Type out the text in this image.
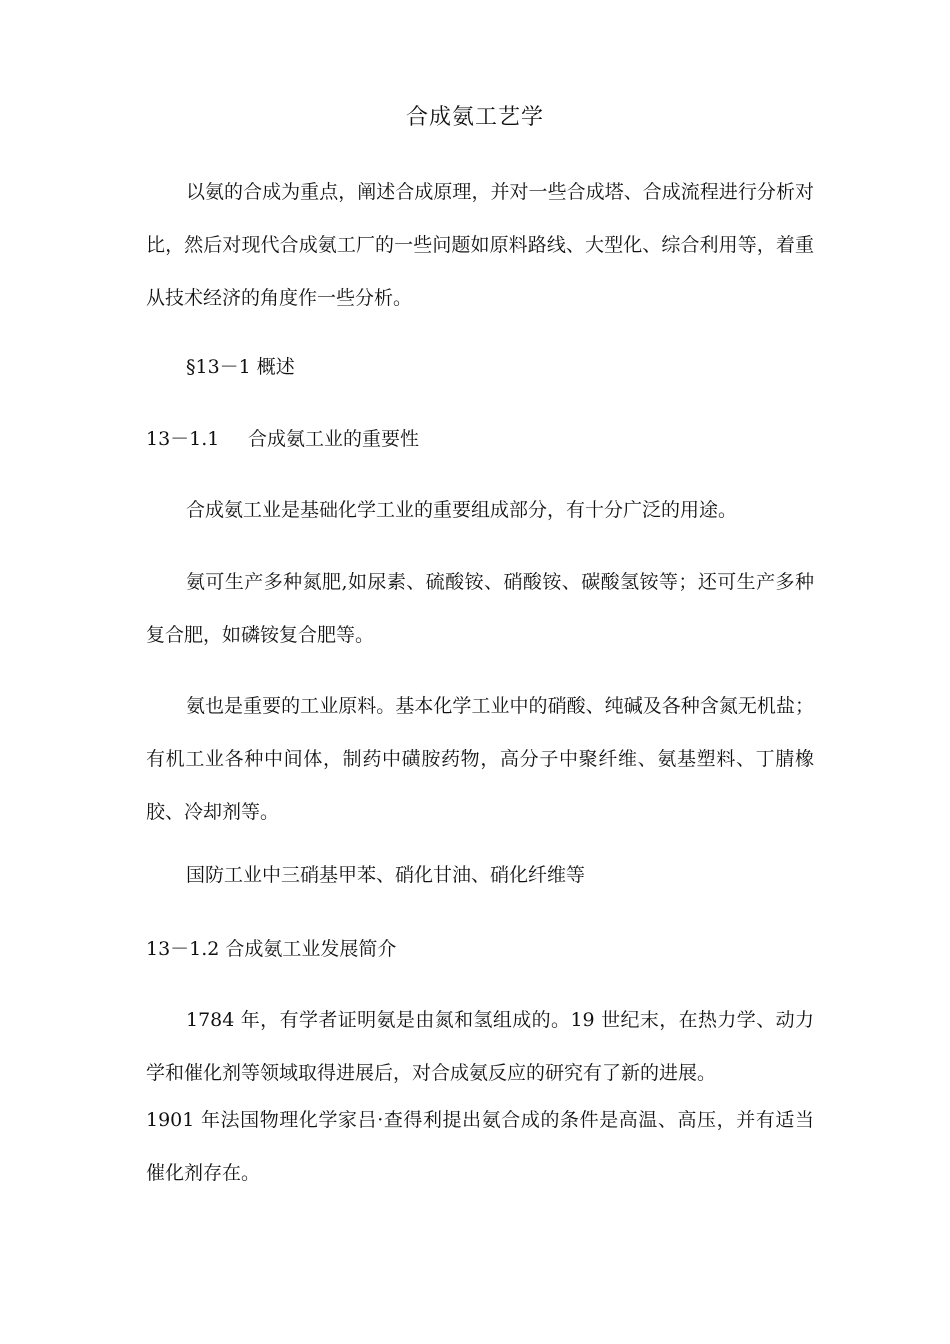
合成氨工艺学

以氨的合成为重点，阐述合成原理，并对一些合成塔、合成流程进行分析对比，然后对现代合成氨工厂的一些问题如原料路线、大型化、综合利用等，着重从技术经济的角度作一些分析。

§13－1 概述
13－1.1 合成氨工业的重要性

合成氨工业是基础化学工业的重要组成部分，有十分广泛的用途。

氨可生产多种氮肥,如尿素、硫酸铵、硝酸铵、碳酸氢铵等；还可生产多种复合肥，如磷铵复合肥等。

氨也是重要的工业原料。基本化学工业中的硝酸、纯碱及各种含氮无机盐；有机工业各种中间体，制药中磺胺药物，高分子中聚纤维、氨基塑料、丁腈橡胶、冷却剂等。

国防工业中三硝基甲苯、硝化甘油、硝化纤维等

13－1.2 合成氨工业发展简介

1784 年，有学者证明氨是由氮和氢组成的。19 世纪末，在热力学、动力学和催化剂等领域取得进展后，对合成氨反应的研究有了新的进展。

1901 年法国物理化学家吕·查得利提出氨合成的条件是高温、高压，并有适当催化剂存在。
